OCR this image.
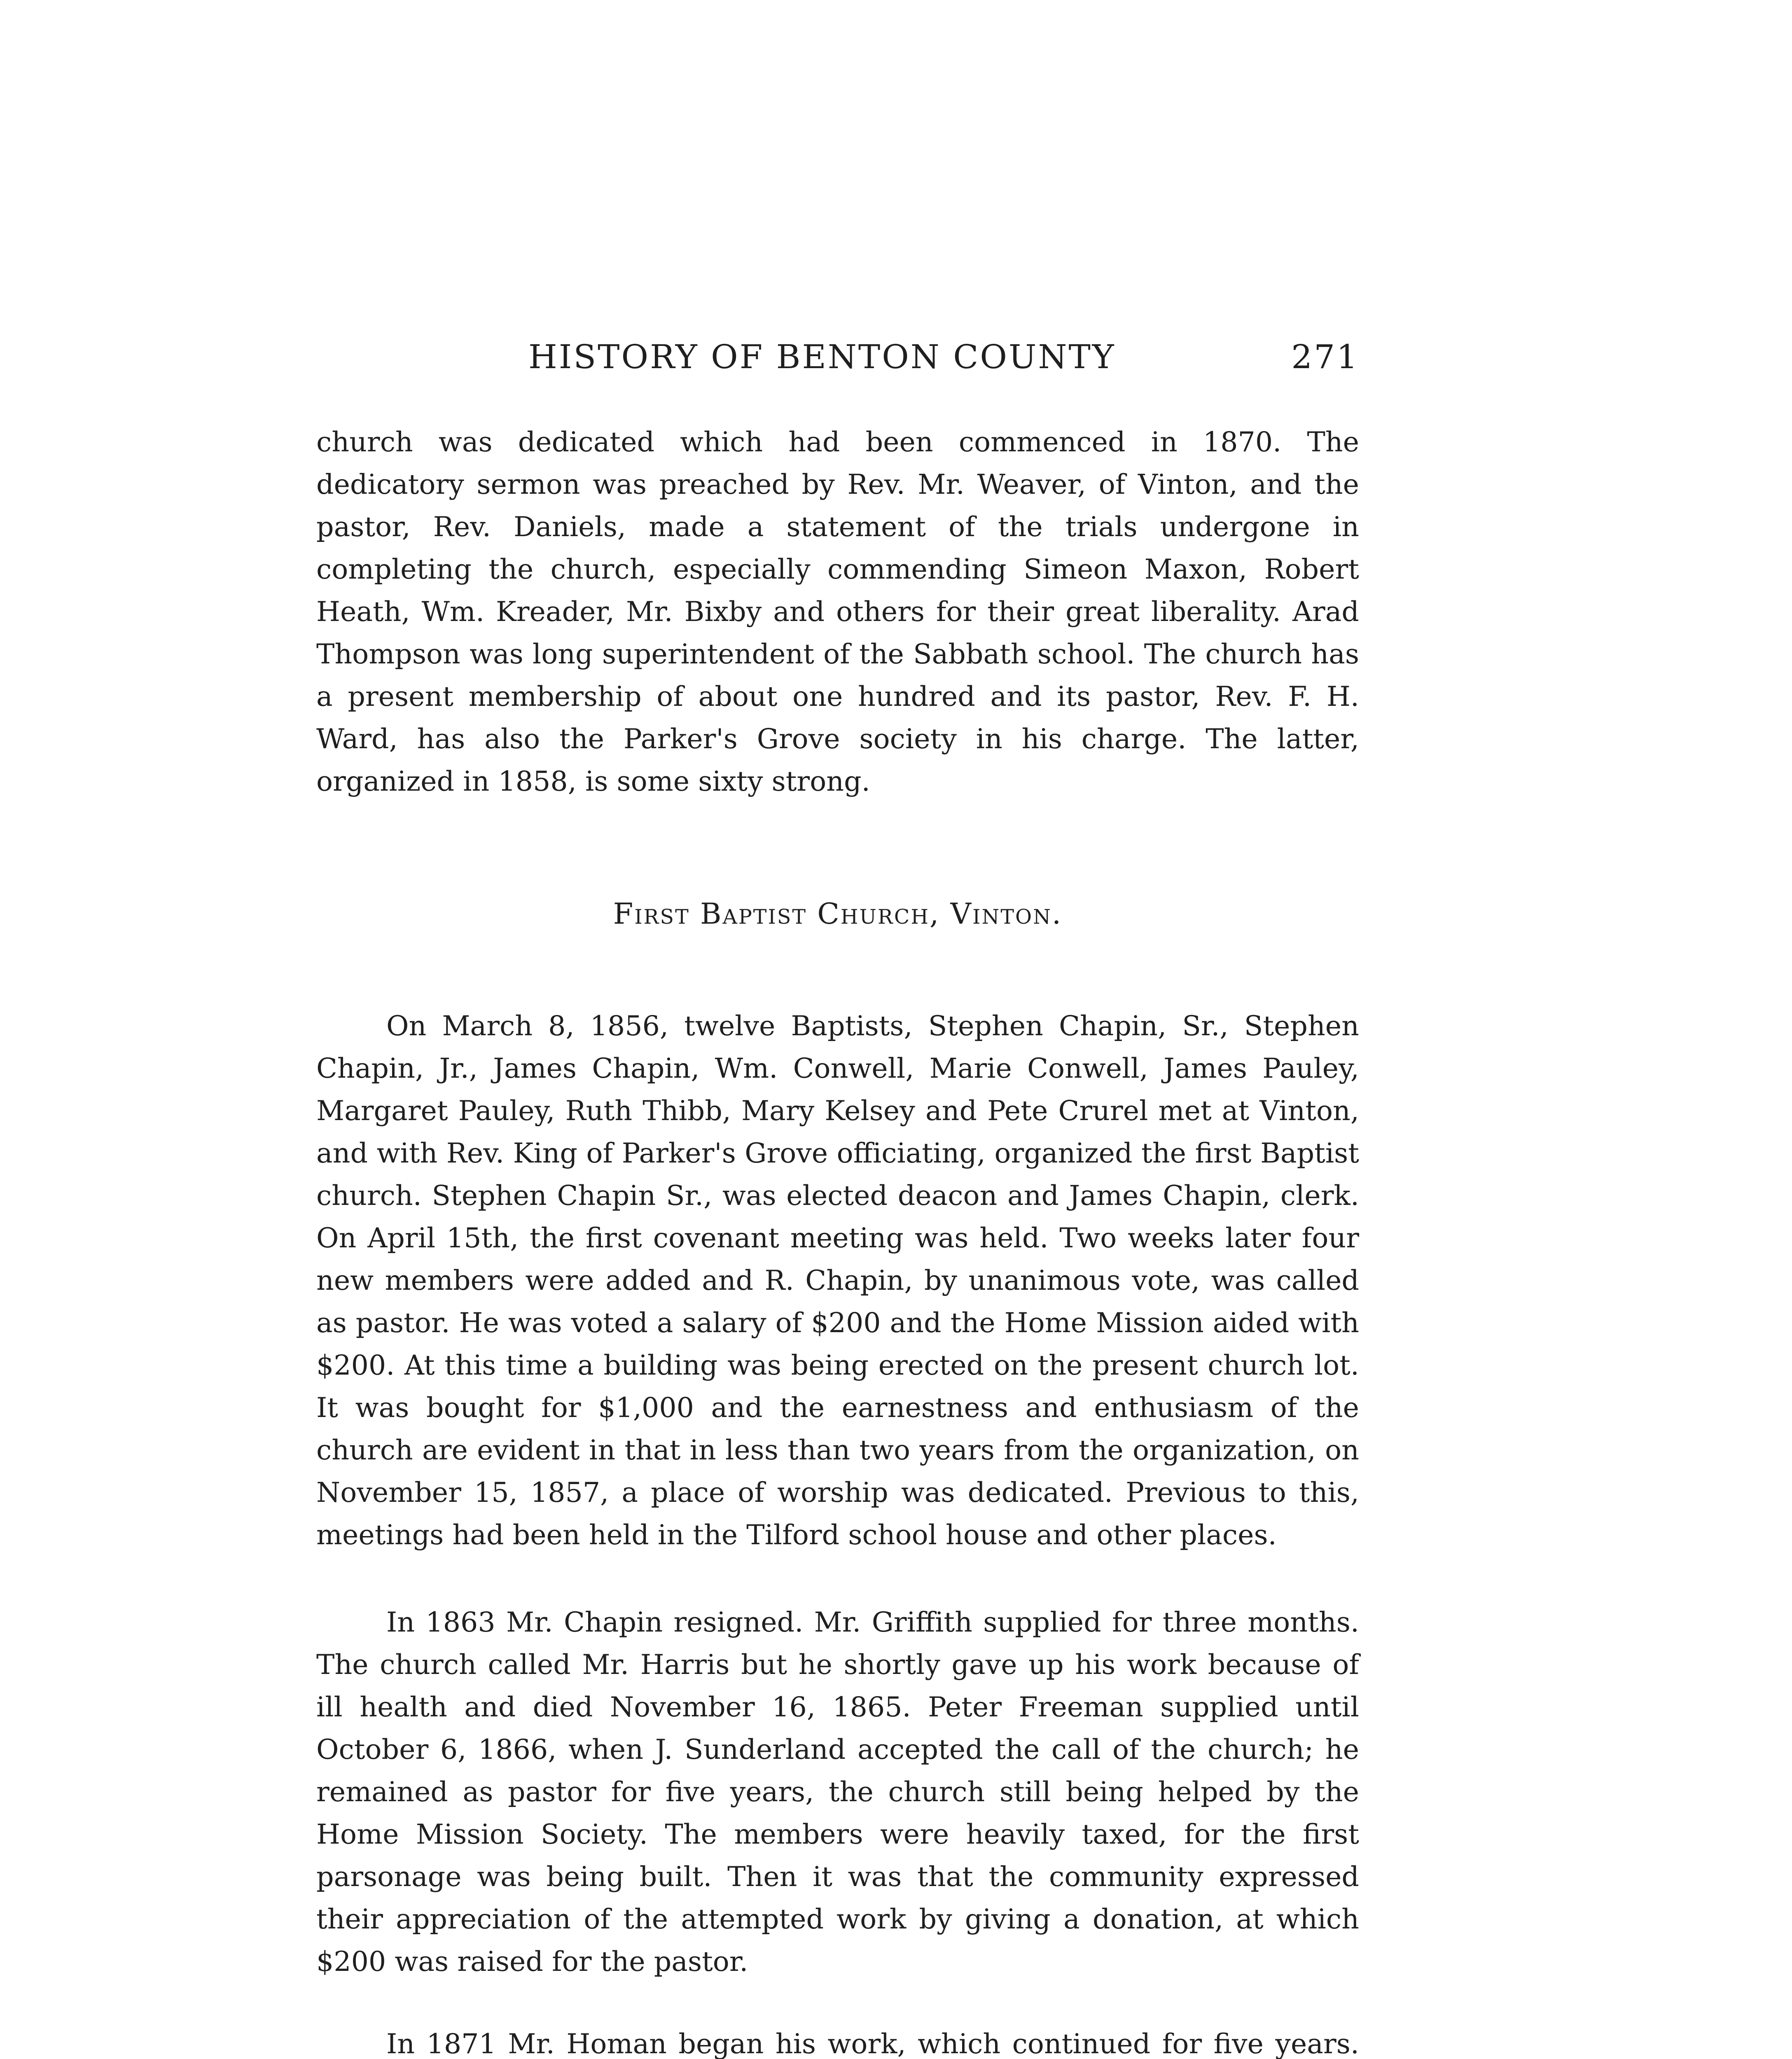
HISTORY OF BENTON COUNTY	271

church was dedicated which had been commenced in 1870. The dedicatory sermon was preached by Rev. Mr. Weaver, of Vinton, and the pastor, Rev. Daniels, made a statement of the trials undergone in completing the church, especially commending Simeon Maxon, Robert Heath, Wm. Kreader, Mr. Bixby and others for their great liberality. Arad Thompson was long superintendent of the Sabbath school. The church has a present membership of about one hundred and its pastor, Rev. F. H. Ward, has also the Parker's Grove society in his charge. The latter, organized in 1858, is some sixty strong.

First Baptist Church, Vinton.

On March 8, 1856, twelve Baptists, Stephen Chapin, Sr., Stephen Chapin, Jr., James Chapin, Wm. Conwell, Marie Conwell, James Pauley, Margaret Pauley, Ruth Thibb, Mary Kelsey and Pete Crurel met at Vinton, and with Rev. King of Parker's Grove officiating, organized the first Baptist church. Stephen Chapin Sr., was elected deacon and James Chapin, clerk. On April 15th, the first covenant meeting was held. Two weeks later four new members were added and R. Chapin, by unanimous vote, was called as pastor. He was voted a salary of $200 and the Home Mission aided with $200. At this time a building was being erected on the present church lot. It was bought for $1,000 and the earnestness and enthusiasm of the church are evident in that in less than two years from the organization, on November 15, 1857, a place of worship was dedicated. Previous to this, meetings had been held in the Tilford school house and other places.

In 1863 Mr. Chapin resigned. Mr. Griffith supplied for three months. The church called Mr. Harris but he shortly gave up his work because of ill health and died November 16, 1865. Peter Freeman supplied until October 6, 1866, when J. Sunderland accepted the call of the church; he remained as pastor for five years, the church still being helped by the Home Mission Society. The members were heavily taxed, for the first parsonage was being built. Then it was that the community expressed their appreciation of the attempted work by giving a donation, at which $200 was raised for the pastor.

In 1871 Mr. Homan began his work, which continued for five years.
